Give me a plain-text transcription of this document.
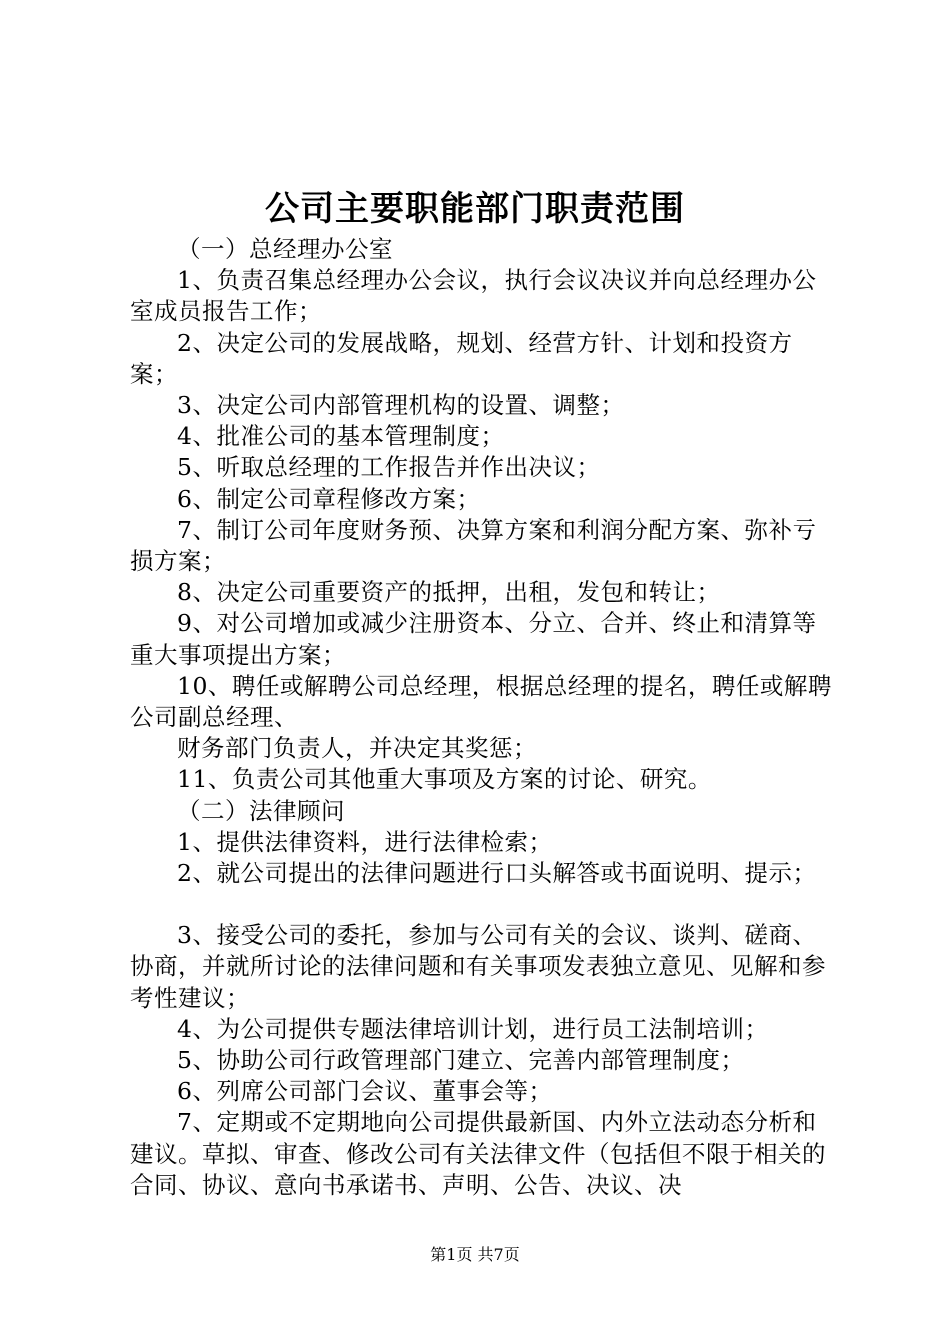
公司主要职能部门职责范围

（一）总经理办公室

1、负责召集总经理办公会议，执行会议决议并向总经理办公室成员报告工作；

2、决定公司的发展战略，规划、经营方针、计划和投资方案；

3、决定公司内部管理机构的设置、调整；

4、批准公司的基本管理制度；

5、听取总经理的工作报告并作出决议；

6、制定公司章程修改方案；

7、制订公司年度财务预、决算方案和利润分配方案、弥补亏损方案；

8、决定公司重要资产的抵押，出租，发包和转让；

9、对公司增加或减少注册资本、分立、合并、终止和清算等重大事项提出方案；

10、聘任或解聘公司总经理，根据总经理的提名，聘任或解聘公司副总经理、

财务部门负责人，并决定其奖惩；

11、负责公司其他重大事项及方案的讨论、研究。

（二）法律顾问

1、提供法律资料，进行法律检索；

2、就公司提出的法律问题进行口头解答或书面说明、提示；

3、接受公司的委托，参加与公司有关的会议、谈判、磋商、协商，并就所讨论的法律问题和有关事项发表独立意见、见解和参考性建议；

4、为公司提供专题法律培训计划，进行员工法制培训；

5、协助公司行政管理部门建立、完善内部管理制度；

6、列席公司部门会议、董事会等；

7、定期或不定期地向公司提供最新国、内外立法动态分析和建议。草拟、审查、修改公司有关法律文件（包括但不限于相关的合同、协议、意向书承诺书、声明、公告、决议、决

第1页 共7页
